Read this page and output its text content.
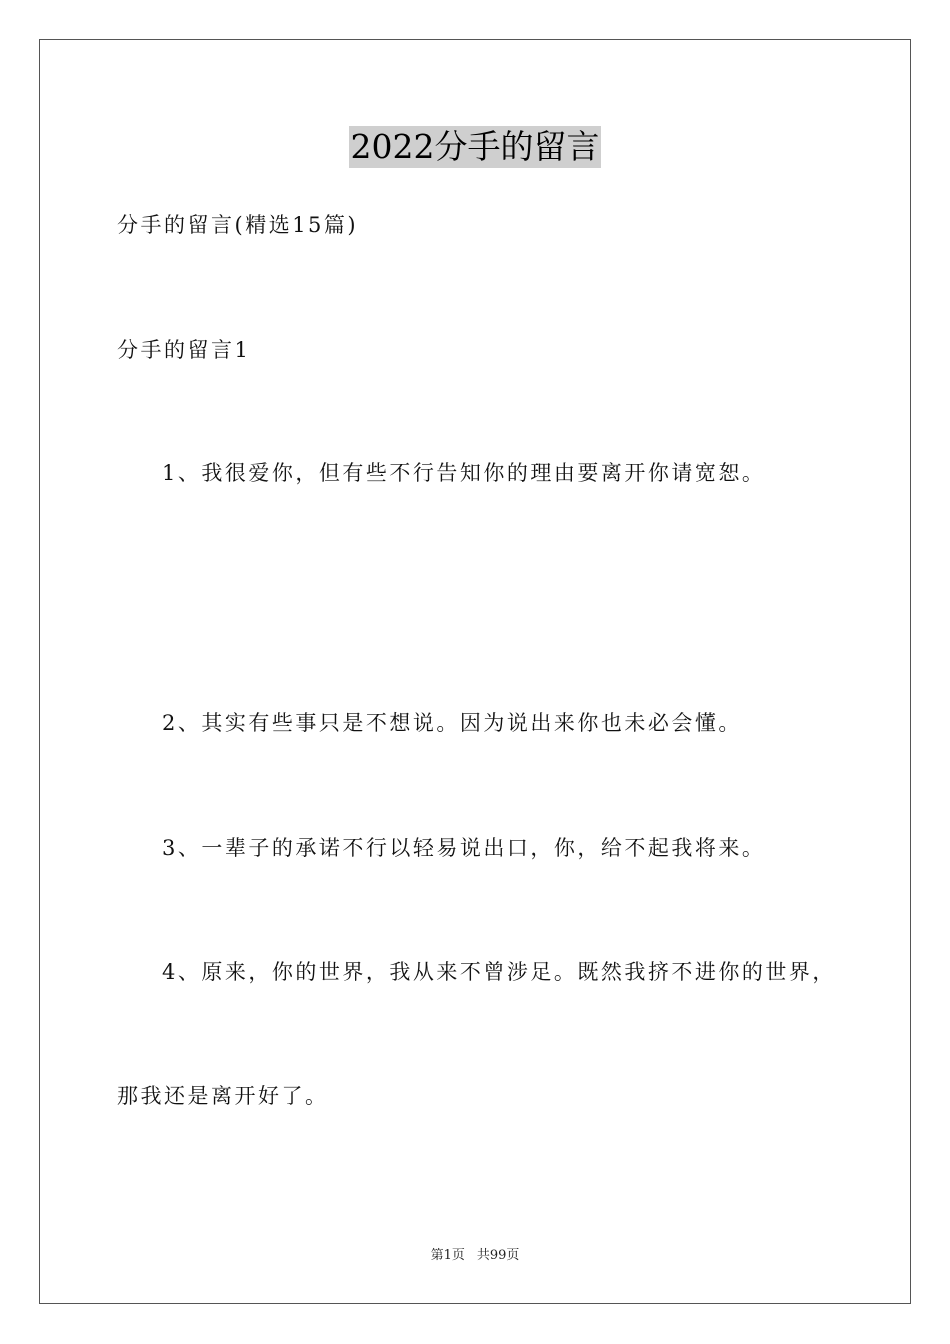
2022分手的留言
分手的留言(精选15篇)
分手的留言1
1、我很爱你，但有些不行告知你的理由要离开你请宽恕。
2、其实有些事只是不想说。因为说出来你也未必会懂。
3、一辈子的承诺不行以轻易说出口，你，给不起我将来。
4、原来，你的世界，我从来不曾涉足。既然我挤不进你的世界，
那我还是离开好了。
第1页 共99页
